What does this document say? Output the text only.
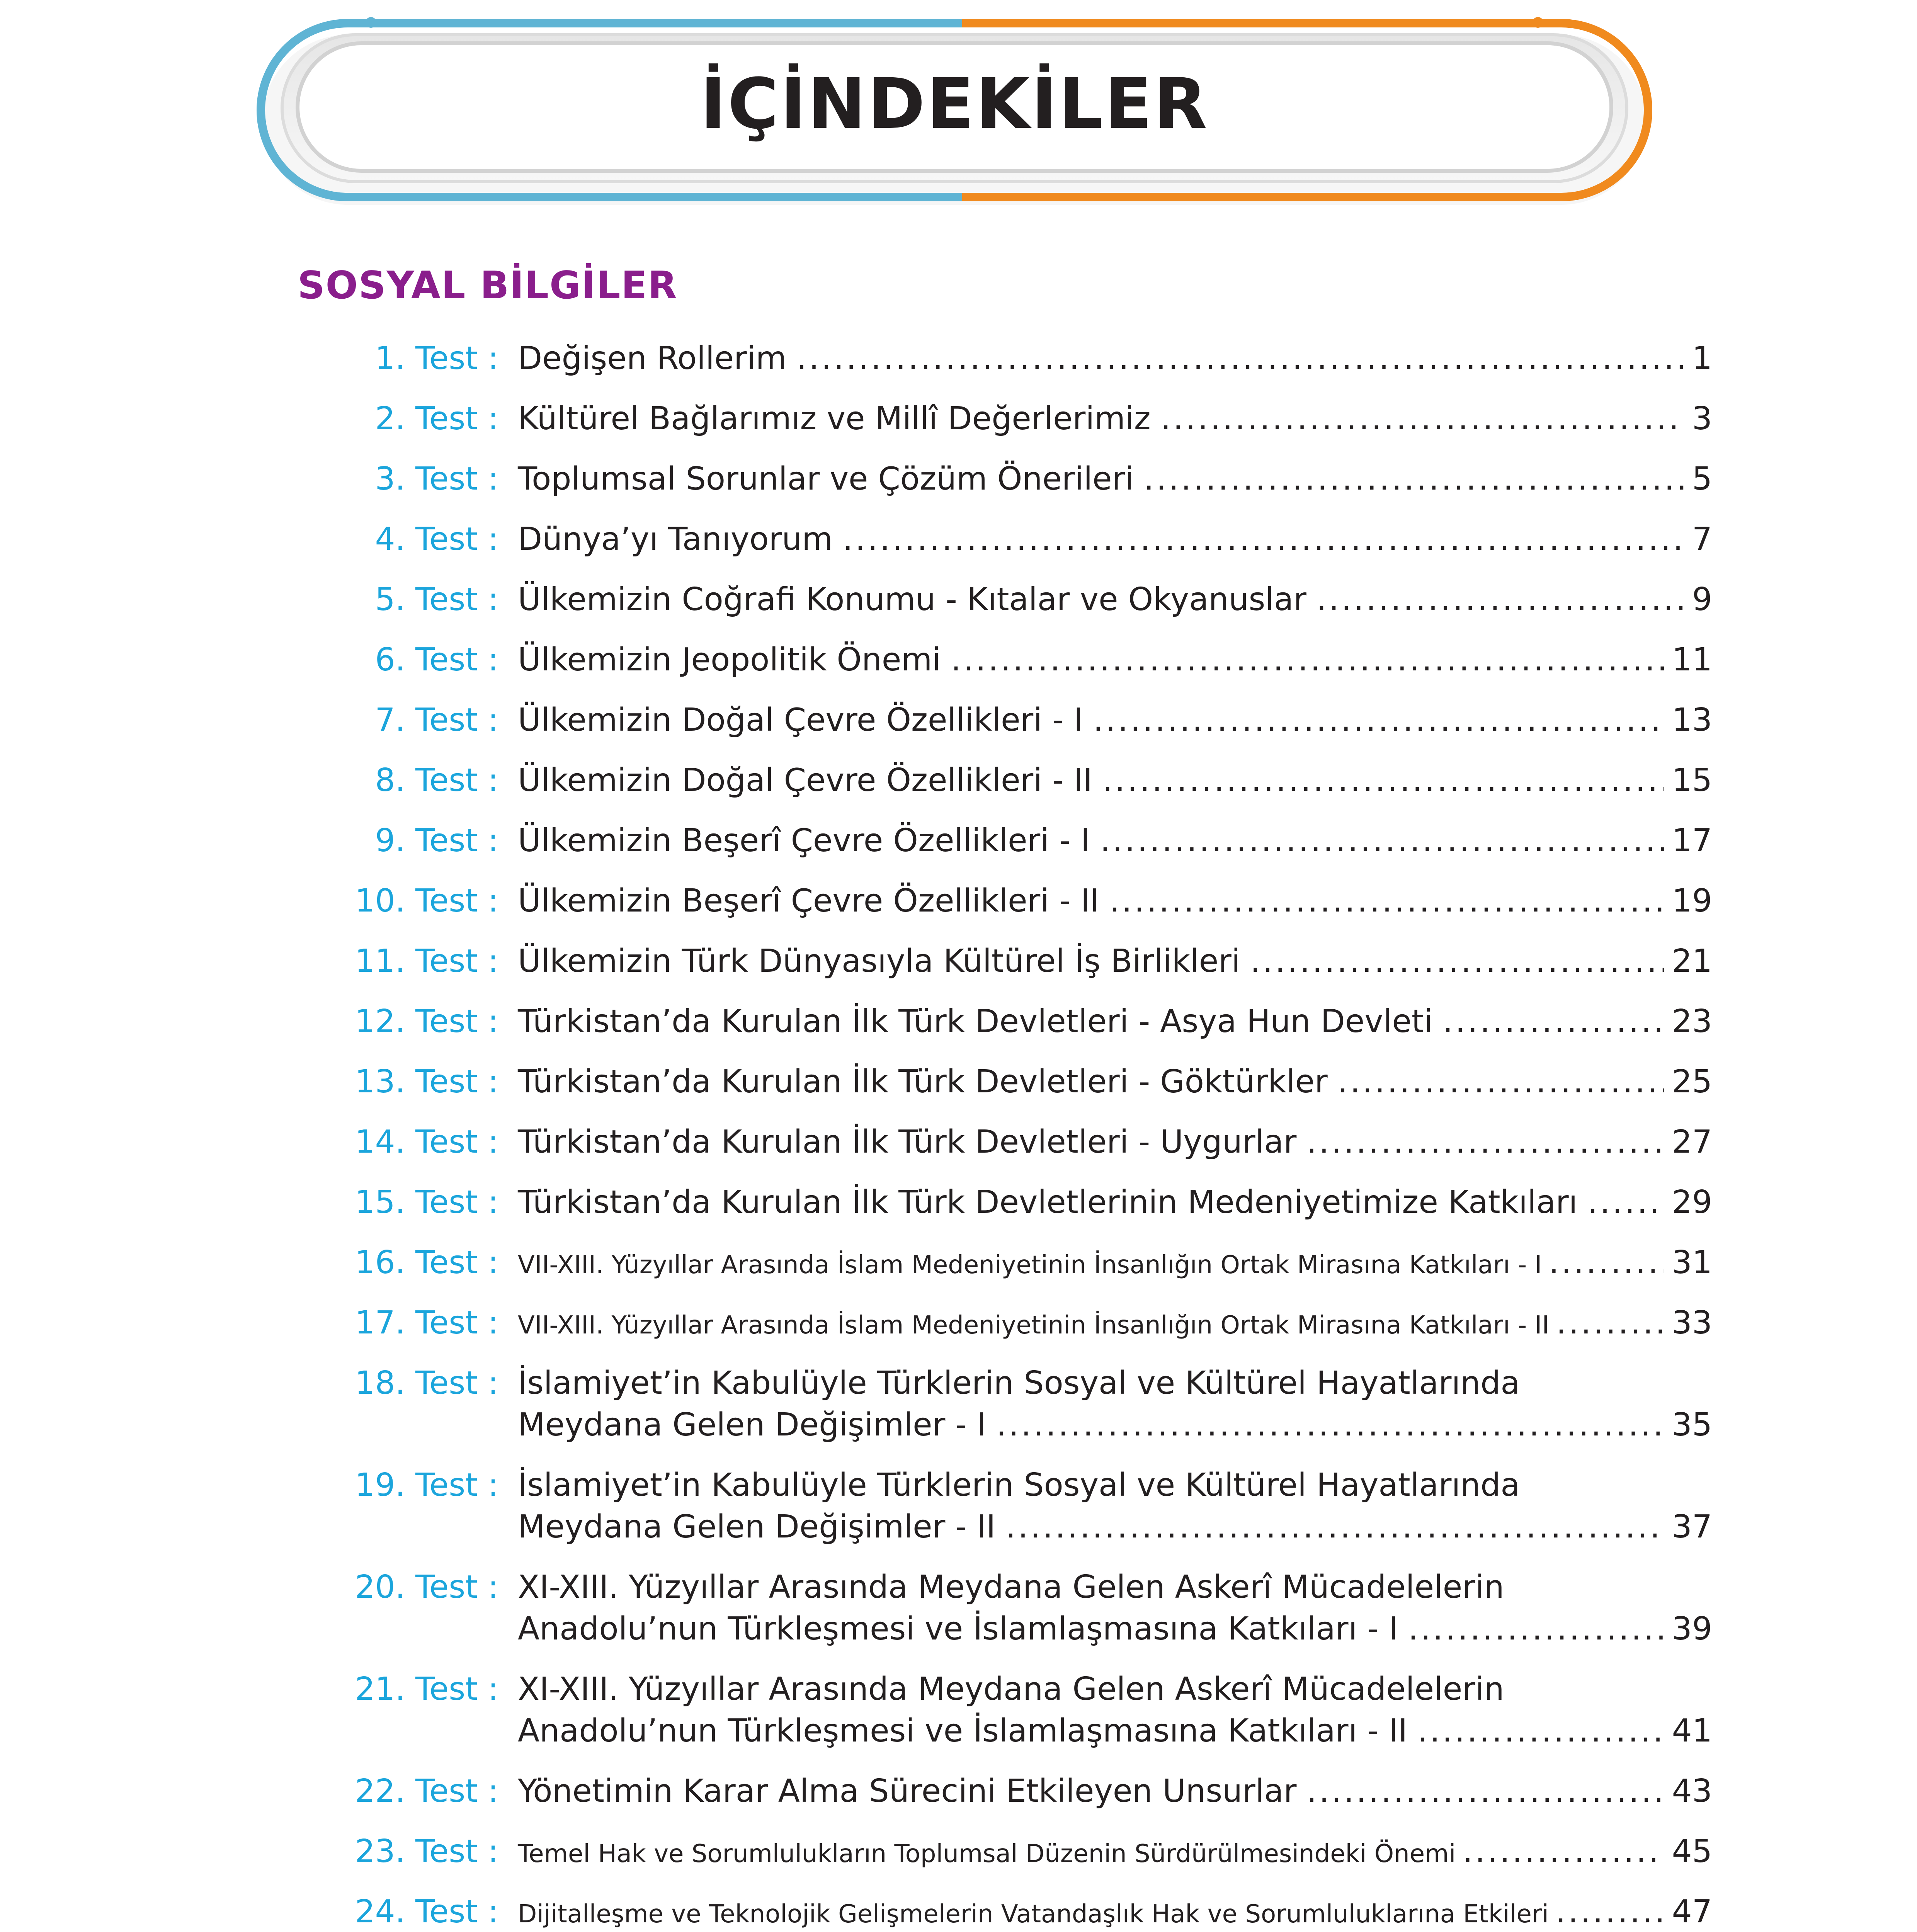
İÇİNDEKİLER
SOSYAL BİLGİLER
1. Test : Değişen Rollerim .....	1
2. Test : Kültürel Bağlarımız ve Millî Değerlerimiz .....	3
3. Test : Toplumsal Sorunlar ve Çözüm Önerileri .....	5
4. Test : Dünya’yı Tanıyorum .....	7
5. Test : Ülkemizin Coğrafi Konumu - Kıtalar ve Okyanuslar .....	9
6. Test : Ülkemizin Jeopolitik Önemi .....	11
7. Test : Ülkemizin Doğal Çevre Özellikleri - I .....	13
8. Test : Ülkemizin Doğal Çevre Özellikleri - II .....	15
9. Test : Ülkemizin Beşerî Çevre Özellikleri - I .....	17
10. Test : Ülkemizin Beşerî Çevre Özellikleri - II .....	19
11. Test : Ülkemizin Türk Dünyasıyla Kültürel İş Birlikleri .....	21
12. Test : Türkistan’da Kurulan İlk Türk Devletleri - Asya Hun Devleti .....	23
13. Test : Türkistan’da Kurulan İlk Türk Devletleri - Göktürkler .....	25
14. Test : Türkistan’da Kurulan İlk Türk Devletleri - Uygurlar .....	27
15. Test : Türkistan’da Kurulan İlk Türk Devletlerinin Medeniyetimize Katkıları .....	29
16. Test : VII-XIII. Yüzyıllar Arasında İslam Medeniyetinin İnsanlığın Ortak Mirasına Katkıları - I .....	31
17. Test : VII-XIII. Yüzyıllar Arasında İslam Medeniyetinin İnsanlığın Ortak Mirasına Katkıları - II .....	33
18. Test : İslamiyet’in Kabulüyle Türklerin Sosyal ve Kültürel Hayatlarında
Meydana Gelen Değişimler - I .....	35
19. Test : İslamiyet’in Kabulüyle Türklerin Sosyal ve Kültürel Hayatlarında
Meydana Gelen Değişimler - II .....	37
20. Test : XI-XIII. Yüzyıllar Arasında Meydana Gelen Askerî Mücadelelerin
Anadolu’nun Türkleşmesi ve İslamlaşmasına Katkıları - I .....	39
21. Test : XI-XIII. Yüzyıllar Arasında Meydana Gelen Askerî Mücadelelerin
Anadolu’nun Türkleşmesi ve İslamlaşmasına Katkıları - II .....	41
22. Test : Yönetimin Karar Alma Sürecini Etkileyen Unsurlar .....	43
23. Test : Temel Hak ve Sorumlulukların Toplumsal Düzenin Sürdürülmesindeki Önemi .....	45
24. Test : Dijitalleşme ve Teknolojik Gelişmelerin Vatandaşlık Hak ve Sorumluluklarına Etkileri .....	47
